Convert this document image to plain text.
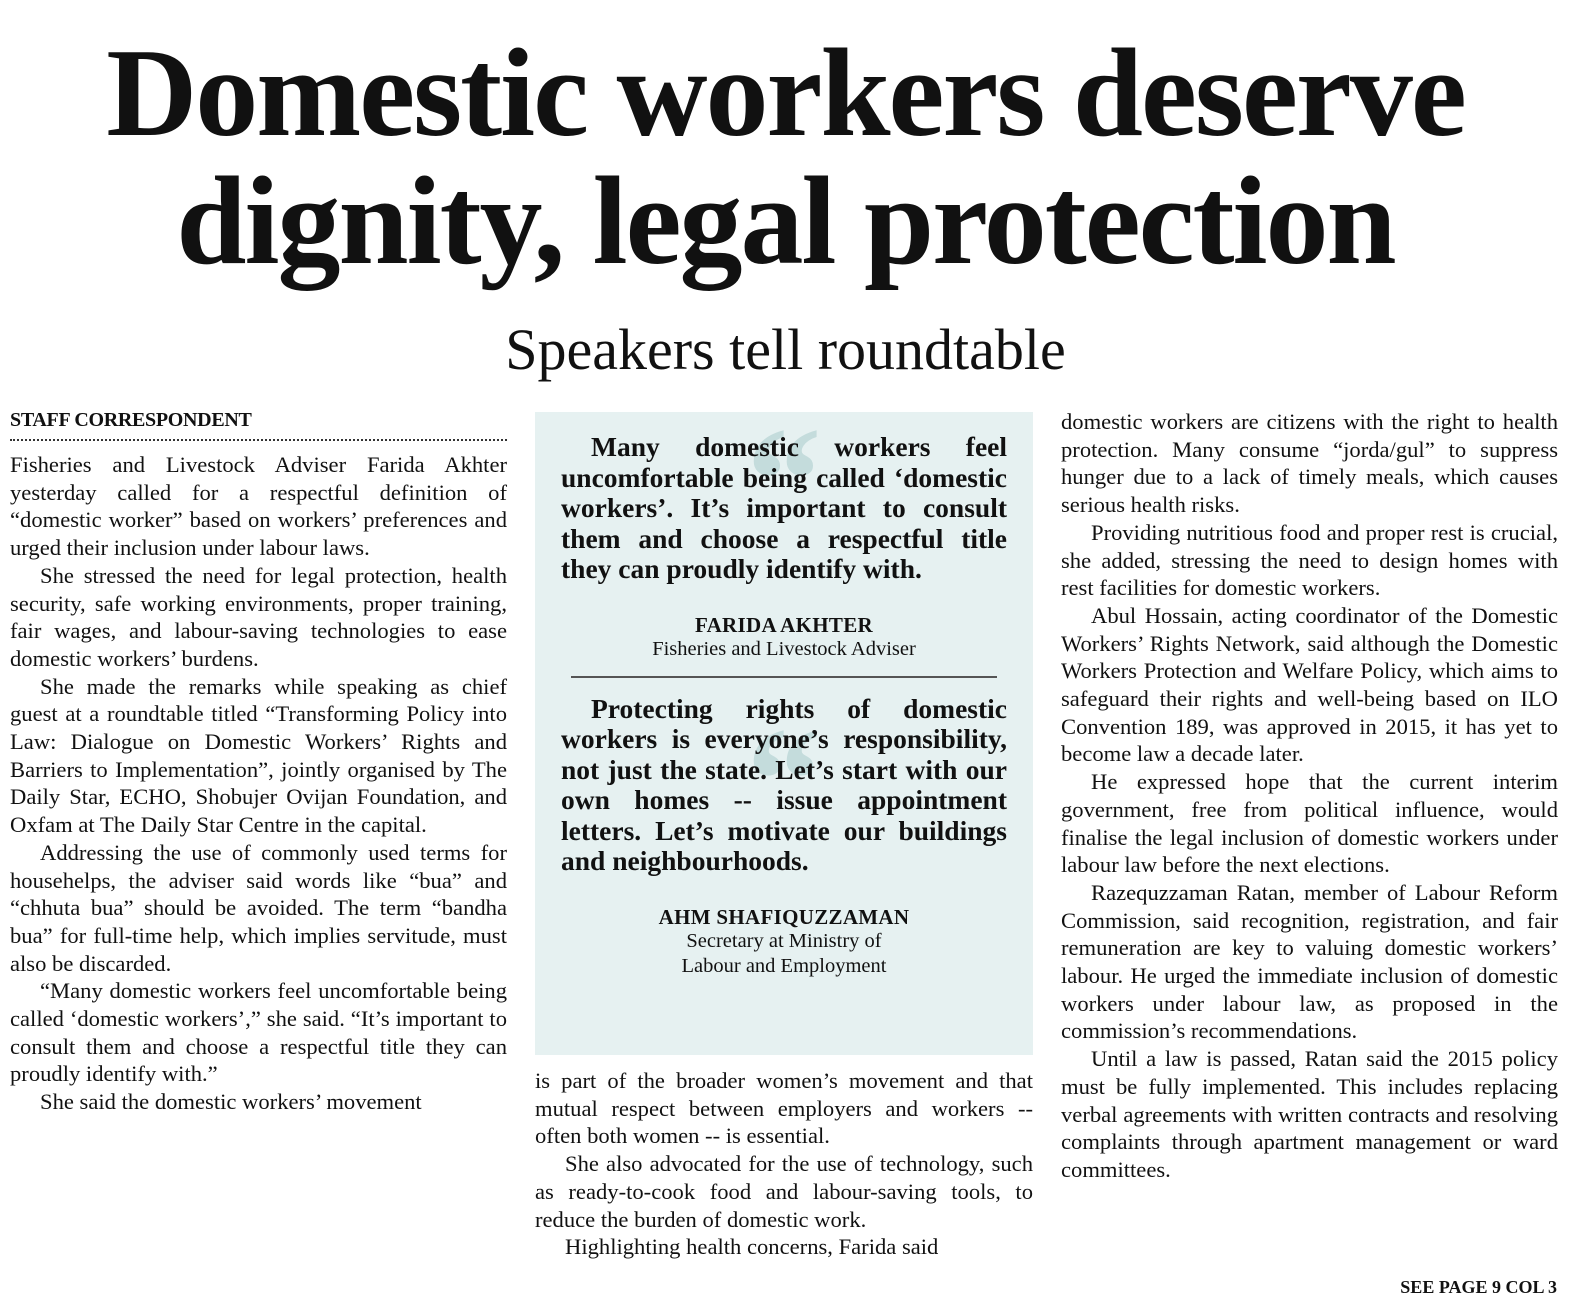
Domestic workers deserve
dignity, legal protection
Speakers tell roundtable
STAFF CORRESPONDENT

Fisheries and Livestock Adviser Farida Akhter yesterday called for a respectful definition of “domestic worker” based on workers’ preferences and urged their inclusion under labour laws.

She stressed the need for legal protection, health security, safe working environments, proper training, fair wages, and labour-saving technologies to ease domestic workers’ burdens.

She made the remarks while speaking as chief guest at a roundtable titled “Transforming Policy into Law: Dialogue on Domestic Workers’ Rights and Barriers to Implementation”, jointly organised by The Daily Star, ECHO, Shobujer Ovijan Foundation, and Oxfam at The Daily Star Centre in the capital.

Addressing the use of commonly used terms for househelps, the adviser said words like “bua” and “chhuta bua” should be avoided. The term “bandha bua” for full-time help, which implies servitude, must also be discarded.

“Many domestic workers feel uncomfortable being called ‘domestic workers’,” she said. “It’s important to consult them and choose a respectful title they can proudly identify with.”

She said the domestic workers’ movement

“

Many domestic workers feel uncomfortable being called ‘domestic workers’. It’s important to consult them and choose a respectful title they can proudly identify with.

FARIDA AKHTER
Fisheries and Livestock Adviser
“

Protecting rights of domestic workers is everyone’s responsibility, not just the state. Let’s start with our own homes -- issue appointment letters. Let’s motivate our buildings and neighbourhoods.

AHM SHAFIQUZZAMAN
Secretary at Ministry of
Labour and Employment

is part of the broader women’s movement and that mutual respect between employers and workers -- often both women -- is essential.

She also advocated for the use of technology, such as ready-to-cook food and labour-saving tools, to reduce the burden of domestic work.

Highlighting health concerns, Farida said

domestic workers are citizens with the right to health protection. Many consume “jorda/gul” to suppress hunger due to a lack of timely meals, which causes serious health risks.

Providing nutritious food and proper rest is crucial, she added, stressing the need to design homes with rest facilities for domestic workers.

Abul Hossain, acting coordinator of the Domestic Workers’ Rights Network, said although the Domestic Workers Protection and Welfare Policy, which aims to safeguard their rights and well-being based on ILO Convention 189, was approved in 2015, it has yet to become law a decade later.

He expressed hope that the current interim government, free from political influence, would finalise the legal inclusion of domestic workers under labour law before the next elections.

Razequzzaman Ratan, member of Labour Reform Commission, said recognition, registration, and fair remuneration are key to valuing domestic workers’ labour. He urged the immediate inclusion of domestic workers under labour law, as proposed in the commission’s recommendations.

Until a law is passed, Ratan said the 2015 policy must be fully implemented. This includes replacing verbal agreements with written contracts and resolving complaints through apartment management or ward committees.

SEE PAGE 9 COL 3
